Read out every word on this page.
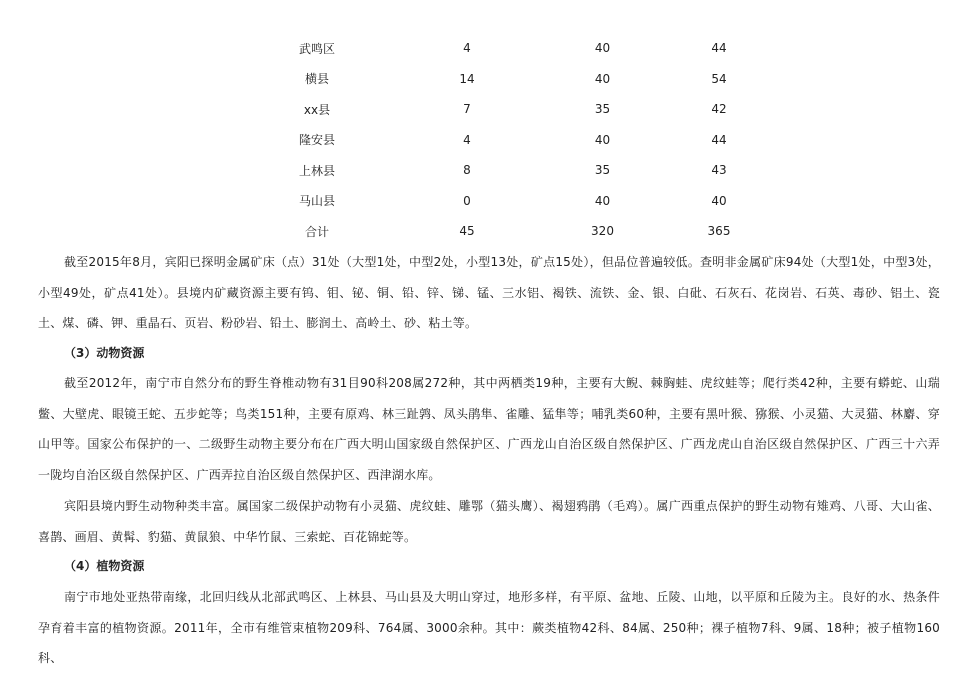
武鸣区	4	40	44
横县	14	40	54
xx县	7	35	42
隆安县	4	40	44
上林县	8	35	43
马山县	0	40	40
合计	45	320	365
截至2015年8月，宾阳已探明金属矿床（点）31处（大型1处，中型2处，小型13处，矿点15处），但品位普遍较低。查明非金属矿床94处（大型1处，中型3处，小型49处，矿点41处）。县境内矿藏资源主要有钨、钼、铋、铜、铅、锌、锑、锰、三水铝、褐铁、流铁、金、银、白砒、石灰石、花岗岩、石英、毒砂、铝土、瓷土、煤、磷、钾、重晶石、页岩、粉砂岩、铅土、膨润土、高岭土、砂、粘土等。
（3）动物资源
截至2012年，南宁市自然分布的野生脊椎动物有31目90科208属272种，其中两栖类19种，主要有大鲵、棘胸蛙、虎纹蛙等；爬行类42种，主要有蟒蛇、山瑞鳖、大壁虎、眼镜王蛇、五步蛇等；鸟类151种，主要有原鸡、林三趾鹑、凤头鹃隼、雀雕、猛隼等；哺乳类60种，主要有黑叶猴、猕猴、小灵猫、大灵猫、林麝、穿山甲等。国家公布保护的一、二级野生动物主要分布在广西大明山国家级自然保护区、广西龙山自治区级自然保护区、广西龙虎山自治区级自然保护区、广西三十六弄一陇均自治区级自然保护区、广西弄拉自治区级自然保护区、西津湖水库。
宾阳县境内野生动物种类丰富。属国家二级保护动物有小灵猫、虎纹蛙、雕鄂（猫头鹰）、褐翅鸦鹃（毛鸡）。属广西重点保护的野生动物有雉鸡、八哥、大山雀、喜鹊、画眉、黄髯、豹猫、黄鼠狼、中华竹鼠、三索蛇、百花锦蛇等。
（4）植物资源
南宁市地处亚热带南缘，北回归线从北部武鸣区、上林县、马山县及大明山穿过，地形多样，有平原、盆地、丘陵、山地，以平原和丘陵为主。良好的水、热条件孕育着丰富的植物资源。2011年，全市有维管束植物209科、764属、3000余种。其中：蕨类植物42科、84属、250种；裸子植物7科、9属、18种；被子植物160科、
